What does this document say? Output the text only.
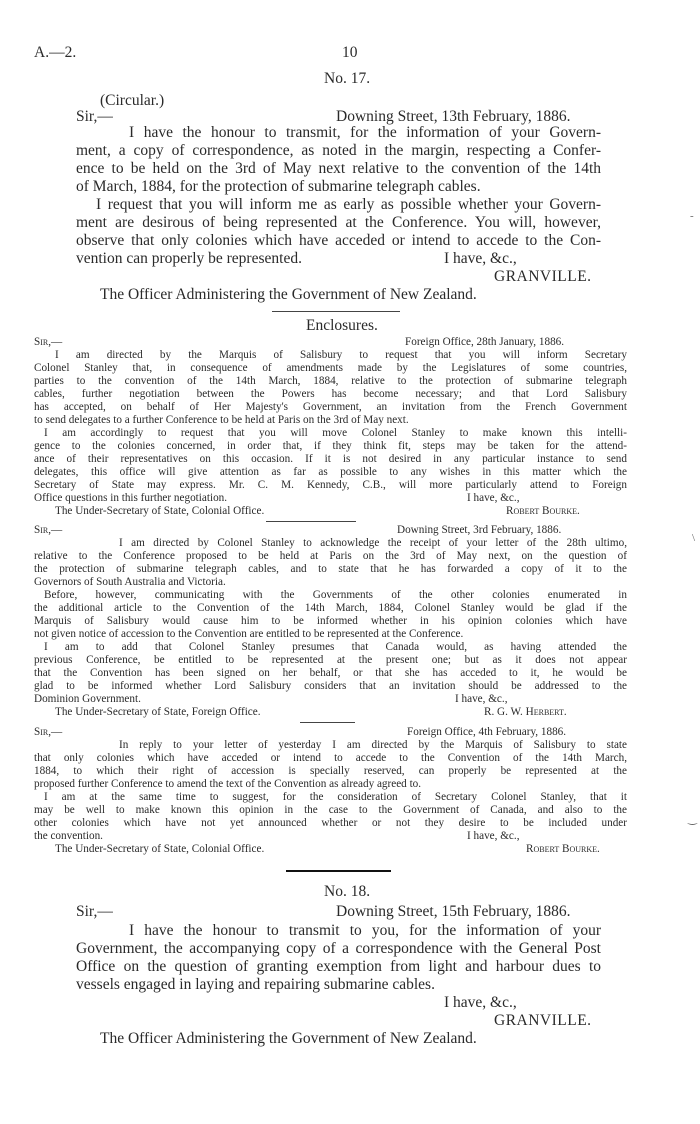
A.—2.	10
No. 17.
(Circular.)
Sir,—	Downing Street, 13th February, 1886.
I have the honour to transmit, for the information of your Govern-
ment, a copy of correspondence, as noted in the margin, respecting a Confer-
ence to be held on the 3rd of May next relative to the convention of the 14th
of March, 1884, for the protection of submarine telegraph cables.
I request that you will inform me as early as possible whether your Govern-
ment are desirous of being represented at the Conference. You will, however,
observe that only colonies which have acceded or intend to accede to the Con-
vention can properly be represented.	I have, &c.,
GRANVILLE.
The Officer Administering the Government of New Zealand.
Enclosures.
Sir,—	Foreign Office, 28th January, 1886.
I am directed by the Marquis of Salisbury to request that you will inform Secretary
Colonel Stanley that, in consequence of amendments made by the Legislatures of some countries,
parties to the convention of the 14th March, 1884, relative to the protection of submarine telegraph
cables, further negotiation between the Powers has become necessary; and that Lord Salisbury
has accepted, on behalf of Her Majesty's Government, an invitation from the French Government
to send delegates to a further Conference to be held at Paris on the 3rd of May next.
I am accordingly to request that you will move Colonel Stanley to make known this intelli-
gence to the colonies concerned, in order that, if they think fit, steps may be taken for the attend-
ance of their representatives on this occasion. If it is not desired in any particular instance to send
delegates, this office will give attention as far as possible to any wishes in this matter which the
Secretary of State may express. Mr. C. M. Kennedy, C.B., will more particularly attend to Foreign
Office questions in this further negotiation.	I have, &c.,
The Under-Secretary of State, Colonial Office.	Robert Bourke.
Sir,—	Downing Street, 3rd February, 1886.
I am directed by Colonel Stanley to acknowledge the receipt of your letter of the 28th ultimo,
relative to the Conference proposed to be held at Paris on the 3rd of May next, on the question of
the protection of submarine telegraph cables, and to state that he has forwarded a copy of it to the
Governors of South Australia and Victoria.
Before, however, communicating with the Governments of the other colonies enumerated in
the additional article to the Convention of the 14th March, 1884, Colonel Stanley would be glad if the
Marquis of Salisbury would cause him to be informed whether in his opinion colonies which have
not given notice of accession to the Convention are entitled to be represented at the Conference.
I am to add that Colonel Stanley presumes that Canada would, as having attended the
previous Conference, be entitled to be represented at the present one; but as it does not appear
that the Convention has been signed on her behalf, or that she has acceded to it, he would be
glad to be informed whether Lord Salisbury considers that an invitation should be addressed to the
Dominion Government.	I have, &c.,
The Under-Secretary of State, Foreign Office.	R. G. W. Herbert.
Sir,—	Foreign Office, 4th February, 1886.
In reply to your letter of yesterday I am directed by the Marquis of Salisbury to state
that only colonies which have acceded or intend to accede to the Convention of the 14th March,
1884, to which their right of accession is specially reserved, can properly be represented at the
proposed further Conference to amend the text of the Convention as already agreed to.
I am at the same time to suggest, for the consideration of Secretary Colonel Stanley, that it
may be well to make known this opinion in the case to the Government of Canada, and also to the
other colonies which have not yet announced whether or not they desire to be included under
the convention.	I have, &c.,
The Under-Secretary of State, Colonial Office.	Robert Bourke.
No. 18.
Sir,—	Downing Street, 15th February, 1886.
I have the honour to transmit to you, for the information of your
Government, the accompanying copy of a correspondence with the General Post
Office on the question of granting exemption from light and harbour dues to
vessels engaged in laying and repairing submarine cables.
I have, &c.,
GRANVILLE.
The Officer Administering the Government of New Zealand.
‑
\
‿
